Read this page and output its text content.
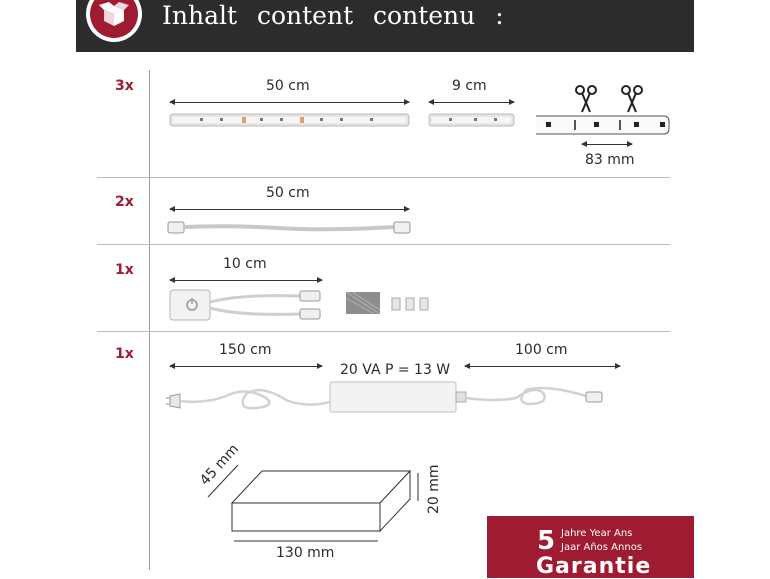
Inhalt content contenu :
3x	50 cm	9 cm
83 mm
2x
50 cm
1x	10 cm
1x	150 cm
20 VA P = 13 W
100 cm
45 mm	20 mm
130 mm	5 Jahre Year Ans
Jaar Años Annos
Garantie
